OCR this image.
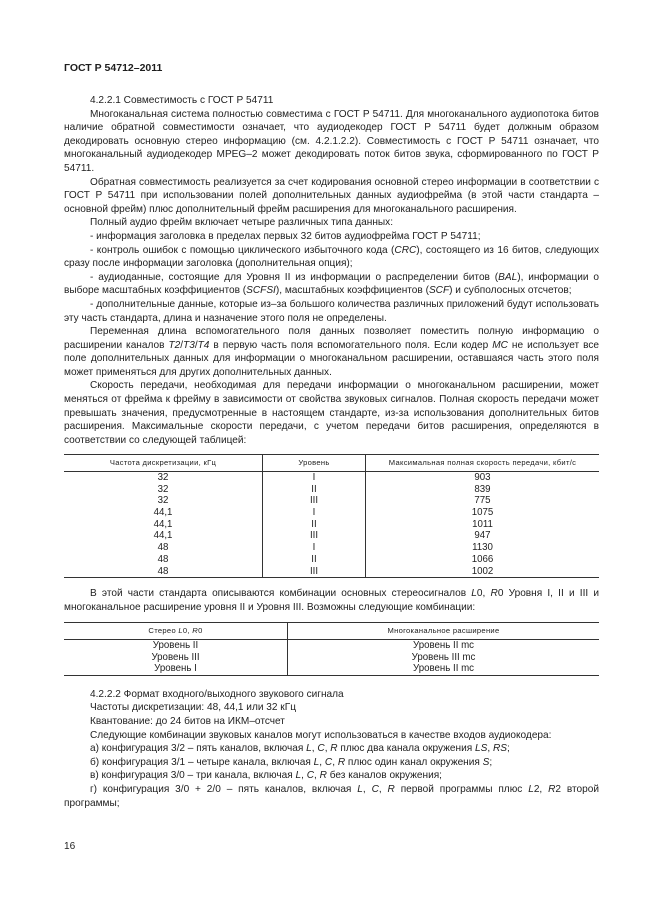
ГОСТ Р 54712–2011

4.2.2.1 Совместимость с ГОСТ Р 54711

Многоканальная система полностью совместима с ГОСТ Р 54711. Для многоканального аудиопотока битов наличие обратной совместимости означает, что аудиодекодер ГОСТ Р 54711 будет должным образом декодировать основную стерео информацию (см. 4.2.1.2.2). Совместимость с ГОСТ Р 54711 означает, что многоканальный аудиодекодер MPEG–2 может декодировать поток битов звука, сформированного по ГОСТ Р 54711.

Обратная совместимость реализуется за счет кодирования основной стерео информации в соответствии с ГОСТ Р 54711 при использовании полей дополнительных данных аудиофрейма (в этой части стандарта – основной фрейм) плюс дополнительный фрейм расширения для многоканального расширения.

Полный аудио фрейм включает четыре различных типа данных:

- информация заголовка в пределах первых 32 битов аудиофрейма ГОСТ Р 54711;

- контроль ошибок с помощью циклического избыточного кода (CRC), состоящего из 16 битов, следующих сразу после информации заголовка (дополнительная опция);

- аудиоданные, состоящие для Уровня II из информации о распределении битов (BAL), информации о выборе масштабных коэффициентов (SCFSI), масштабных коэффициентов (SCF) и субполосных отсчетов;

- дополнительные данные, которые из–за большого количества различных приложений будут использовать эту часть стандарта, длина и назначение этого поля не определены.

Переменная длина вспомогательного поля данных позволяет поместить полную информацию о расширении каналов T2/T3/T4 в первую часть поля вспомогательного поля. Если кодер MC не использует все поле дополнительных данных для информации о многоканальном расширении, оставшаяся часть этого поля может применяться для других дополнительных данных.

Скорость передачи, необходимая для передачи информации о многоканальном расширении, может меняться от фрейма к фрейму в зависимости от свойства звуковых сигналов. Полная скорость передачи может превышать значения, предусмотренные в настоящем стандарте, из-за использования дополнительных битов расширения. Максимальные скорости передачи, с учетом передачи битов расширения, определяются в соответствии со следующей таблицей:

Частота дискретизации, кГц	Уровень	Максимальная полная скорость передачи, кбит/с
32	I	903
32	II	839
32	III	775
44,1	I	1075
44,1	II	1011
44,1	III	947
48	I	1130
48	II	1066
48	III	1002

В этой части стандарта описываются комбинации основных стереосигналов L0, R0 Уровня I, II и III и многоканальное расширение уровня II и Уровня III. Возможны следующие комбинации:

Стерео L0, R0	Многоканальное расширение
Уровень II	Уровень II mc
Уровень III	Уровень III mc
Уровень I	Уровень II mc

4.2.2.2 Формат входного/выходного звукового сигнала

Частоты дискретизации: 48, 44,1 или 32 кГц

Квантование: до 24 битов на ИКМ–отсчет

Следующие комбинации звуковых каналов могут использоваться в качестве входов аудиокодера:

а) конфигурация 3/2 – пять каналов, включая L, C, R плюс два канала окружения LS, RS;

б) конфигурация 3/1 – четыре канала, включая L, C, R плюс один канал окружения S;

в) конфигурация 3/0 – три канала, включая L, C, R без каналов окружения;

г) конфигурация 3/0 + 2/0 – пять каналов, включая L, C, R первой программы плюс L2, R2 второй программы;

16
